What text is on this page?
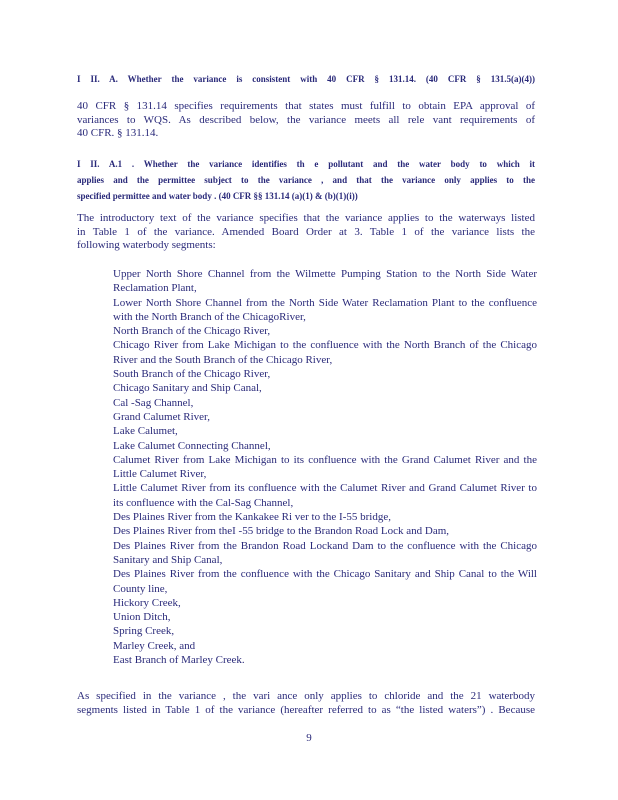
I II. A. Whether the variance is consistent with 40 CFR § 131.14. (40 CFR § 131.5(a)(4))
40 CFR § 131.14 specifies requirements that states must fulfill to obtain EPA approval of
variances to WQS. As described below, the variance meets all rele vant requirements of
40 CFR. § 131.14.
I II. A.1 . Whether the variance identifies th e pollutant and the water body to which it
applies and the permittee subject to the variance , and that the variance only applies to the
specified permittee and water body . (40 CFR §§ 131.14 (a)(1) & (b)(1)(i))
The introductory text of the variance specifies that the variance applies to the waterways listed
in Table 1 of the variance. Amended Board Order at 3. Table 1 of the variance lists the
following waterbody segments:
Upper North Shore Channel from the Wilmette Pumping Station to the North Side Water Reclamation Plant,
Lower North Shore Channel from the North Side Water Reclamation Plant to the confluence with the North Branch of the ChicagoRiver,
North Branch of the Chicago River,
Chicago River from Lake Michigan to the confluence with the North Branch of the Chicago River and the South Branch of the Chicago River,
South Branch of the Chicago River,
Chicago Sanitary and Ship Canal,
Cal -Sag Channel,
Grand Calumet River,
Lake Calumet,
Lake Calumet Connecting Channel,
Calumet River from Lake Michigan to its confluence with the Grand Calumet River and the Little Calumet River,
Little Calumet River from its confluence with the Calumet River and Grand Calumet River to its confluence with the Cal-Sag Channel,
Des Plaines River from the Kankakee Ri ver to the I-55 bridge,
Des Plaines River from theI -55 bridge to the Brandon Road Lock and Dam,
Des Plaines River from the Brandon Road Lockand Dam to the confluence with the Chicago Sanitary and Ship Canal,
Des Plaines River from the confluence with the Chicago Sanitary and Ship Canal to the Will County line,
Hickory Creek,
Union Ditch,
Spring Creek,
Marley Creek, and
East Branch of Marley Creek.
As specified in the variance , the vari ance only applies to chloride and the 21 waterbody
segments listed in Table 1 of the variance (hereafter referred to as “the listed waters”) . Because
9
